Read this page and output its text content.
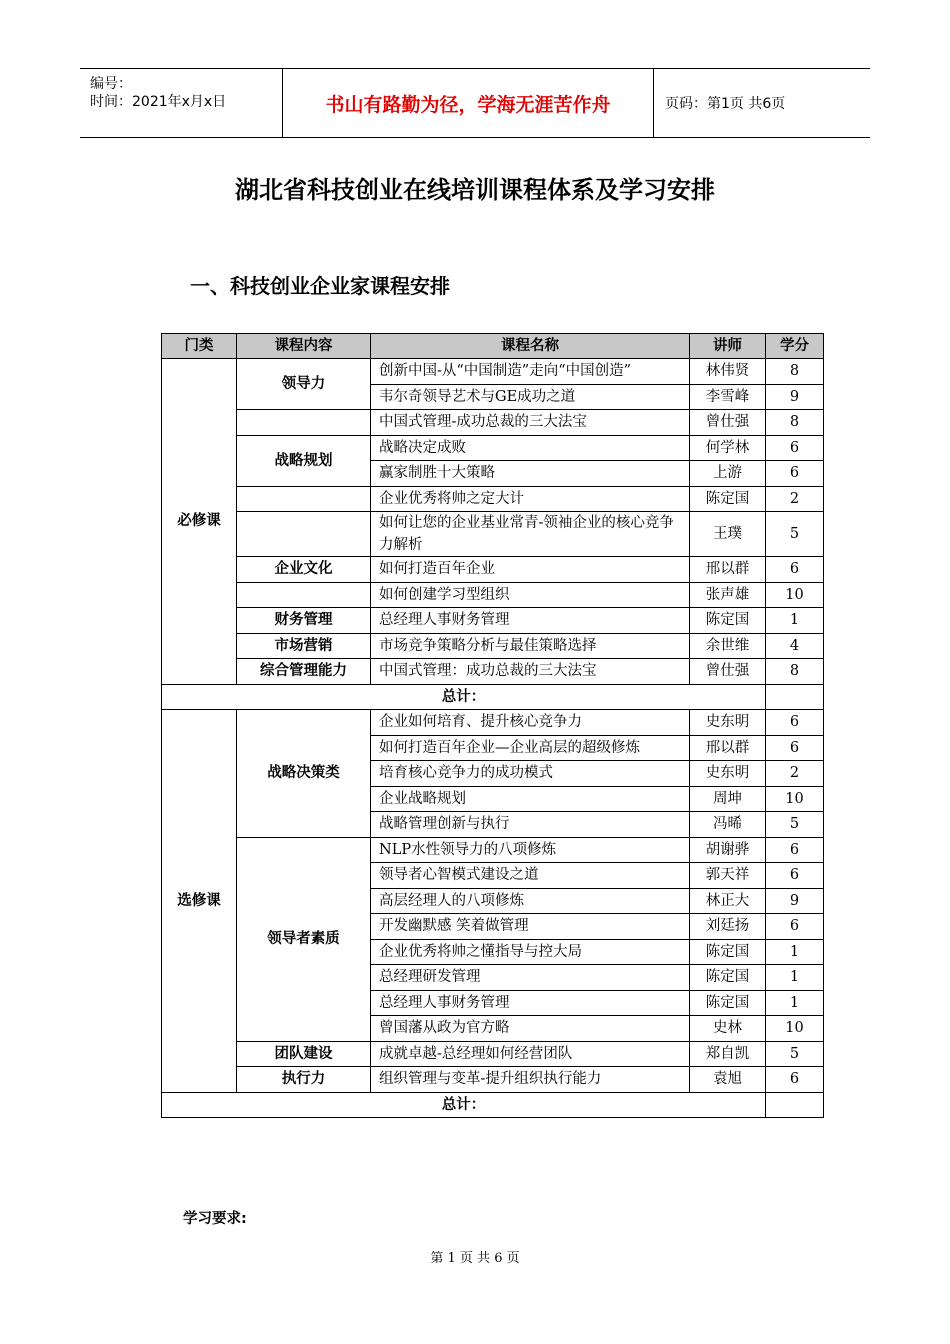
编号：
时间：2021年x月x日	书山有路勤为径，学海无涯苦作舟	页码：第1页 共6页
湖北省科技创业在线培训课程体系及学习安排
一、科技创业企业家课程安排
门类	课程内容	课程名称	讲师	学分
必修课	领导力	创新中国-从“中国制造”走向“中国创造”	林伟贤	8
		韦尔奇领导艺术与GE成功之道	李雪峰	9
		中国式管理-成功总裁的三大法宝	曾仕强	8
	战略规划	战略决定成败	何学林	6
		赢家制胜十大策略	上游	6
		企业优秀将帅之定大计	陈定国	2
		如何让您的企业基业常青-领袖企业的核心竞争力解析	王璞	5
	企业文化	如何打造百年企业	邢以群	6
		如何创建学习型组织	张声雄	10
	财务管理	总经理人事财务管理	陈定国	1
	市场营销	市场竞争策略分析与最佳策略选择	余世维	4
	综合管理能力	中国式管理：成功总裁的三大法宝	曾仕强	8
总计：				
选修课	战略决策类	企业如何培育、提升核心竞争力	史东明	6
		如何打造百年企业—企业高层的超级修炼	邢以群	6
		培育核心竞争力的成功模式	史东明	2
		企业战略规划	周坤	10
		战略管理创新与执行	冯晞	5
	领导者素质	NLP水性领导力的八项修炼	胡谢骅	6
		领导者心智模式建设之道	郭天祥	6
		高层经理人的八项修炼	林正大	9
		开发幽默感 笑着做管理	刘廷扬	6
		企业优秀将帅之懂指导与控大局	陈定国	1
		总经理研发管理	陈定国	1
		总经理人事财务管理	陈定国	1
		曾国藩从政为官方略	史林	10
	团队建设	成就卓越-总经理如何经营团队	郑自凯	5
	执行力	组织管理与变革-提升组织执行能力	袁旭	6
总计：				
学习要求:
第 1 页 共 6 页
